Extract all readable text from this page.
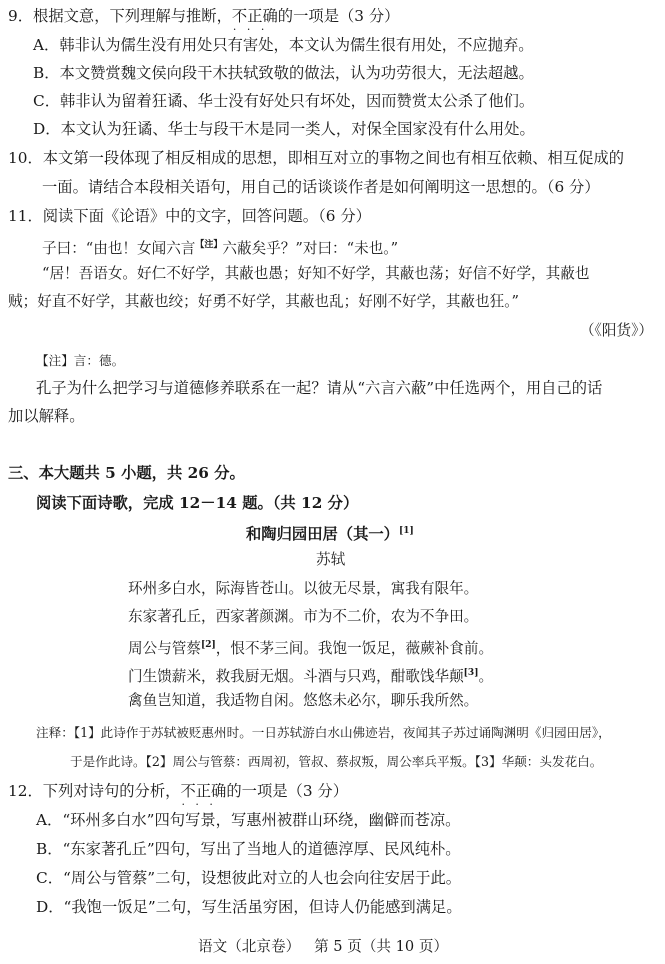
9．根据文意，下列理解与推断，不正确 · ·的一项是（3 分）
A．韩非认为儒生没有用处只有害处，本文认为儒生很有用处，不应抛弃。
B．本文赞赏魏文侯向段干木扶轼致敬的做法，认为功劳很大，无法超越。
C．韩非认为留着狂谲、华士没有好处只有坏处，因而赞赏太公杀了他们。
D．本文认为狂谲、华士与段干木是同一类人，对保全国家没有什么用处。
10．本文第一段体现了相反相成的思想，即相互对立的事物之间也有相互依赖、相互促成的
一面。请结合本段相关语句，用自己的话谈谈作者是如何阐明这一思想的。（6 分）
11．阅读下面《论语》中的文字，回答问题。（6 分）
子曰：“由也！女闻六言$^{【注】}$六蔽矣乎？”对曰：“未也。”
“居！吾语女。好仁不好学，其蔽也愚；好知不好学，其蔽也荡；好信不好学，其蔽也
贼；好直不好学，其蔽也绞；好勇不好学，其蔽也乱；好刚不好学，其蔽也狂。”
（《阳货》）
【注】言：德。
孔子为什么把学习与道德修养联系在一起？请从“六言六蔽”中任选两个，用自己的话
加以解释。
三、本大题共 5 小题，共 26 分。
阅读下面诗歌，完成 12－14 题。（共 12 分）
和陶归园田居（其一）[1]
苏轼
环州多白水，际海皆苍山。以彼无尽景，寓我有限年。
东家著孔丘，西家著颜渊。市为不二价，农为不争田。
周公与管蔡[2]，恨不茅三间。我饱一饭足，薇蕨补食前。
门生馈薪米，救我厨无烟。斗酒与只鸡，酣歌饯华颠[3]。
禽鱼岂知道，我适物自闲。悠悠未必尔，聊乐我所然。
注释：【1】此诗作于苏轼被贬惠州时。一日苏轼游白水山佛迹岩，夜闻其子苏过诵陶渊明《归园田居》，
于是作此诗。【2】周公与管蔡：西周初，管叔、蔡叔叛，周公率兵平叛。【3】华颠：头发花白。
12．下列对诗句的分析，不正确 · ·的一项是（3 分）
A．“环州多白水”四句写景，写惠州被群山环绕，幽僻而苍凉。
B．“东家著孔丘”四句，写出了当地人的道德淳厚、民风纯朴。
C．“周公与管蔡”二句，设想彼此对立的人也会向往安居于此。
D．“我饱一饭足”二句，写生活虽穷困，但诗人仍能感到满足。
语文（北京卷）   第 5 页（共 10 页）
